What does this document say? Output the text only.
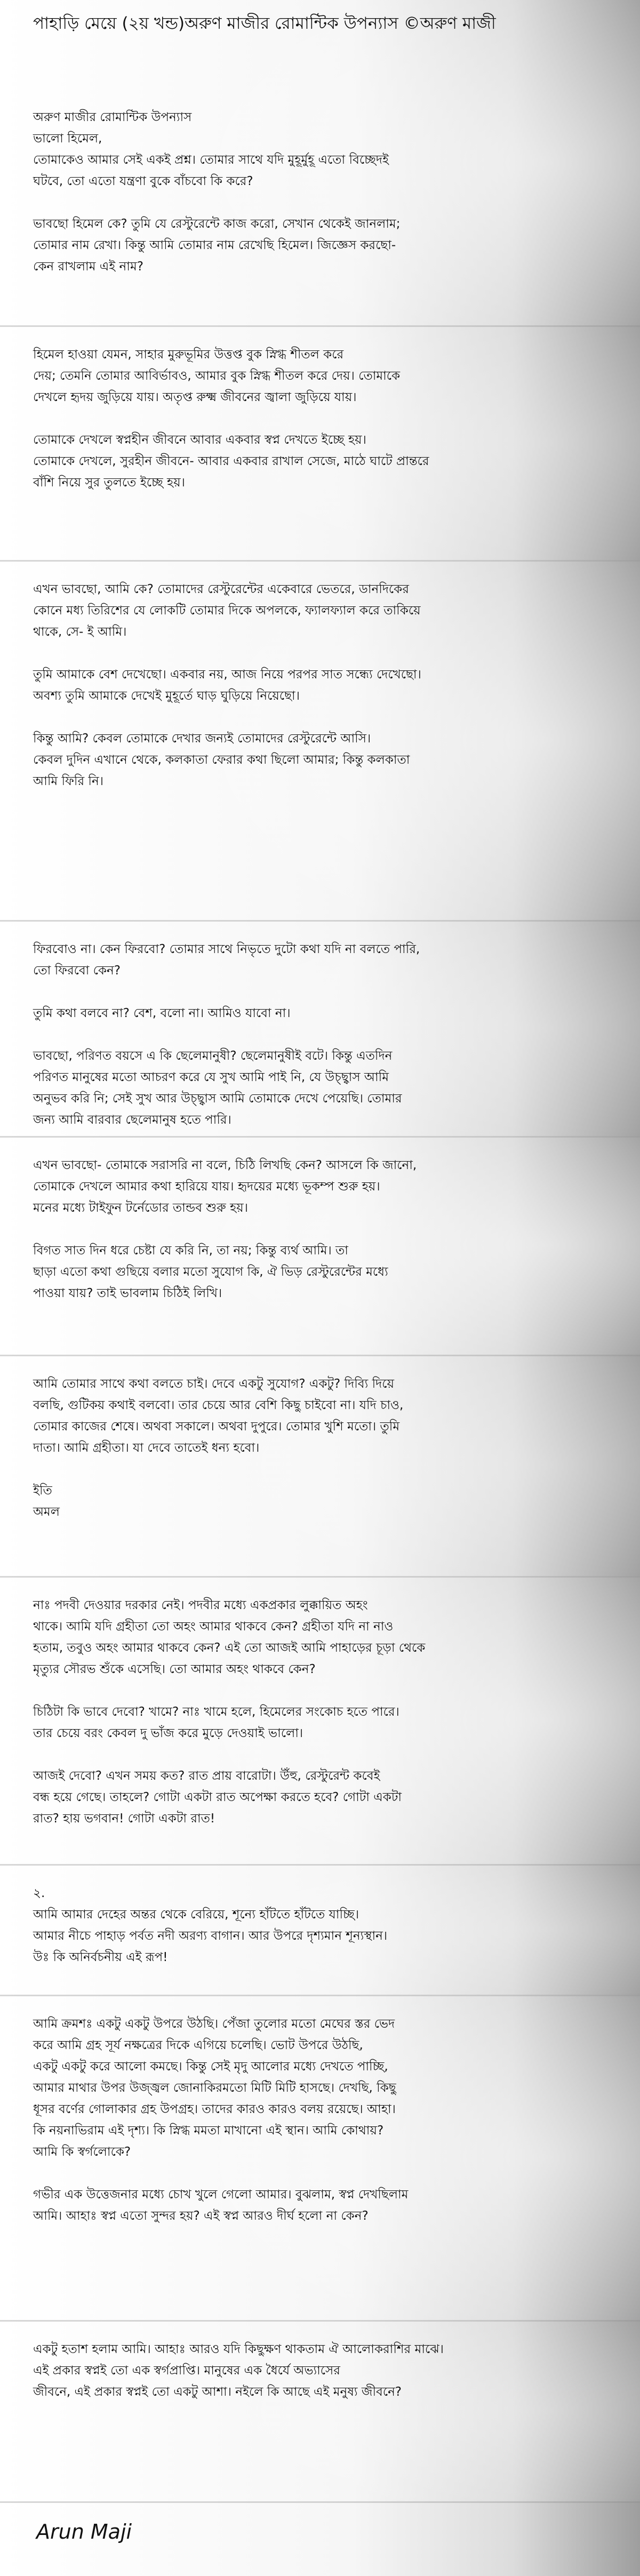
পাহাড়ি মেয়ে (২য় খন্ড)অরুণ মাজীর রোমান্টিক উপন্যাস ©অরুণ মাজী

অরুণ মাজীর রোমান্টিক উপন্যাস
ভালো হিমেল,
তোমাকেও আমার সেই একই প্রশ্ন। তোমার সাথে যদি মুহূর্মুহূ এতো বিচ্ছেদই
ঘটবে, তো এতো যন্ত্রণা বুকে বাঁচবো কি করে?

ভাবছো হিমেল কে? তুমি যে রেস্টুরেন্টে কাজ করো, সেখান থেকেই জানলাম;
তোমার নাম রেখা। কিন্তু আমি তোমার নাম রেখেছি হিমেল। জিজ্ঞেস করছো-
কেন রাখলাম এই নাম?

হিমেল হাওয়া যেমন, সাহার মুরুভূমির উত্তপ্ত বুক স্নিগ্ধ শীতল করে
দেয়; তেমনি তোমার আবির্ভাবও, আমার বুক স্নিগ্ধ শীতল করে দেয়। তোমাকে
দেখলে হৃদয় জুড়িয়ে যায়। অতৃপ্ত রুক্ষ্ম জীবনের জ্বালা জুড়িয়ে যায়।

তোমাকে দেখলে স্বপ্নহীন জীবনে আবার একবার স্বপ্ন দেখতে ইচ্ছে হয়।
তোমাকে দেখলে, সুরহীন জীবনে- আবার একবার রাখাল সেজে, মাঠে ঘাটে প্রান্তরে
বাঁশি নিয়ে সুর তুলতে ইচ্ছে হয়।

এখন ভাবছো, আমি কে? তোমাদের রেস্টুরেন্টের একেবারে ভেতরে, ডানদিকের
কোনে মধ্য তিরিশের যে লোকটি তোমার দিকে অপলকে, ফ্যালফ্যাল করে তাকিয়ে
থাকে, সে- ই আমি।

তুমি আমাকে বেশ দেখেছো। একবার নয়, আজ নিয়ে পরপর সাত সন্ধ্যে দেখেছো।
অবশ্য তুমি আমাকে দেখেই মুহূর্তে ঘাড় ঘুড়িয়ে নিয়েছো।

কিন্তু আমি? কেবল তোমাকে দেখার জন্যই তোমাদের রেস্টুরেন্টে আসি।
কেবল দুদিন এখানে থেকে, কলকাতা ফেরার কথা ছিলো আমার; কিন্তু কলকাতা
আমি ফিরি নি।

ফিরবোও না। কেন ফিরবো? তোমার সাথে নিভৃতে দুটো কথা যদি না বলতে পারি,
তো ফিরবো কেন?

তুমি কথা বলবে না? বেশ, বলো না। আমিও যাবো না।

ভাবছো, পরিণত বয়সে এ কি ছেলেমানুষী? ছেলেমানুষীই বটে। কিন্তু এতদিন
পরিণত মানুষের মতো আচরণ করে যে সুখ আমি পাই নি, যে উচ্ছ্বাস আমি
অনুভব করি নি; সেই সুখ আর উচ্ছ্বাস আমি তোমাকে দেখে পেয়েছি। তোমার
জন্য আমি বারবার ছেলেমানুষ হতে পারি।

এখন ভাবছো- তোমাকে সরাসরি না বলে, চিঠি লিখছি কেন? আসলে কি জানো,
তোমাকে দেখলে আমার কথা হারিয়ে যায়। হৃদয়ের মধ্যে ভূকম্প শুরু হয়।
মনের মধ্যে টাইফুন টর্নেডোর তান্ডব শুরু হয়।

বিগত সাত দিন ধরে চেষ্টা যে করি নি, তা নয়; কিন্তু ব্যর্থ আমি। তা
ছাড়া এতো কথা গুছিয়ে বলার মতো সুযোগ কি, ঐ ভিড় রেস্টুরেন্টের মধ্যে
পাওয়া যায়? তাই ভাবলাম চিঠিই লিখি।

আমি তোমার সাথে কথা বলতে চাই। দেবে একটু সুযোগ? একটু? দিব্যি দিয়ে
বলছি, গুটিকয় কথাই বলবো। তার চেয়ে আর বেশি কিছু চাইবো না। যদি চাও,
তোমার কাজের শেষে। অথবা সকালে। অথবা দুপুরে। তোমার খুশি মতো। তুমি
দাতা। আমি গ্রহীতা। যা দেবে তাতেই ধন্য হবো।

ইতি
অমল

নাঃ পদবী দেওয়ার দরকার নেই। পদবীর মধ্যে একপ্রকার লুক্কায়িত অহং
থাকে। আমি যদি গ্রহীতা তো অহং আমার থাকবে কেন? গ্রহীতা যদি না নাও
হতাম, তবুও অহং আমার থাকবে কেন? এই তো আজই আমি পাহাড়ের চূড়া থেকে
মৃত্যুর সৌরভ শুঁকে এসেছি। তো আমার অহং থাকবে কেন?

চিঠিটা কি ভাবে দেবো? খামে? নাঃ খামে হলে, হিমেলের সংকোচ হতে পারে।
তার চেয়ে বরং কেবল দু ভাঁজ করে মুড়ে দেওয়াই ভালো।

আজই দেবো? এখন সময় কত? রাত প্রায় বারোটা। উঁহু, রেস্টুরেন্ট কবেই
বন্ধ হয়ে গেছে। তাহলে? গোটা একটা রাত অপেক্ষা করতে হবে? গোটা একটা
রাত? হায় ভগবান! গোটা একটা রাত!

২.
আমি আমার দেহের অন্তর থেকে বেরিয়ে, শূন্যে হাঁটতে হাঁটতে যাচ্ছি।
আমার নীচে পাহাড় পর্বত নদী অরণ্য বাগান। আর উপরে দৃশ্যমান শূন্যস্থান।
উঃ কি অনির্বচনীয় এই রূপ!

আমি ক্রমশঃ একটু একটু উপরে উঠছি। পেঁজা তুলোর মতো মেঘের স্তর ভেদ
করে আমি গ্রহ সূর্য নক্ষত্রের দিকে এগিয়ে চলেছি। ভোট উপরে উঠছি,
একটু একটু করে আলো কমছে। কিন্তু সেই মৃদু আলোর মধ্যে দেখতে পাচ্ছি,
আমার মাথার উপর উজ্জ্বল জোনাকিরমতো মিটি মিটি হাসছে। দেখছি, কিছু
ধূসর বর্ণের গোলাকার গ্রহ উপগ্রহ। তাদের কারও কারও বলয় রয়েছে। আহা।
কি নয়নাভিরাম এই দৃশ্য। কি স্নিগ্ধ মমতা মাখানো এই স্থান। আমি কোথায়?
আমি কি স্বর্গলোকে?

গভীর এক উত্তেজনার মধ্যে চোখ খুলে গেলো আমার। বুঝলাম, স্বপ্ন দেখছিলাম
আমি। আহাঃ স্বপ্ন এতো সুন্দর হয়? এই স্বপ্ন আরও দীর্ঘ হলো না কেন?

একটু হতাশ হলাম আমি। আহাঃ আরও যদি কিছুক্ষণ থাকতাম ঐ আলোকরাশির মাঝে।
এই প্রকার স্বপ্নই তো এক স্বর্গপ্রাপ্তি। মানুষের এক ধৈর্যে অভ্যাসের
জীবনে, এই প্রকার স্বপ্নই তো একটু আশা। নইলে কি আছে এই মনুষ্য জীবনে?

Arun Maji
